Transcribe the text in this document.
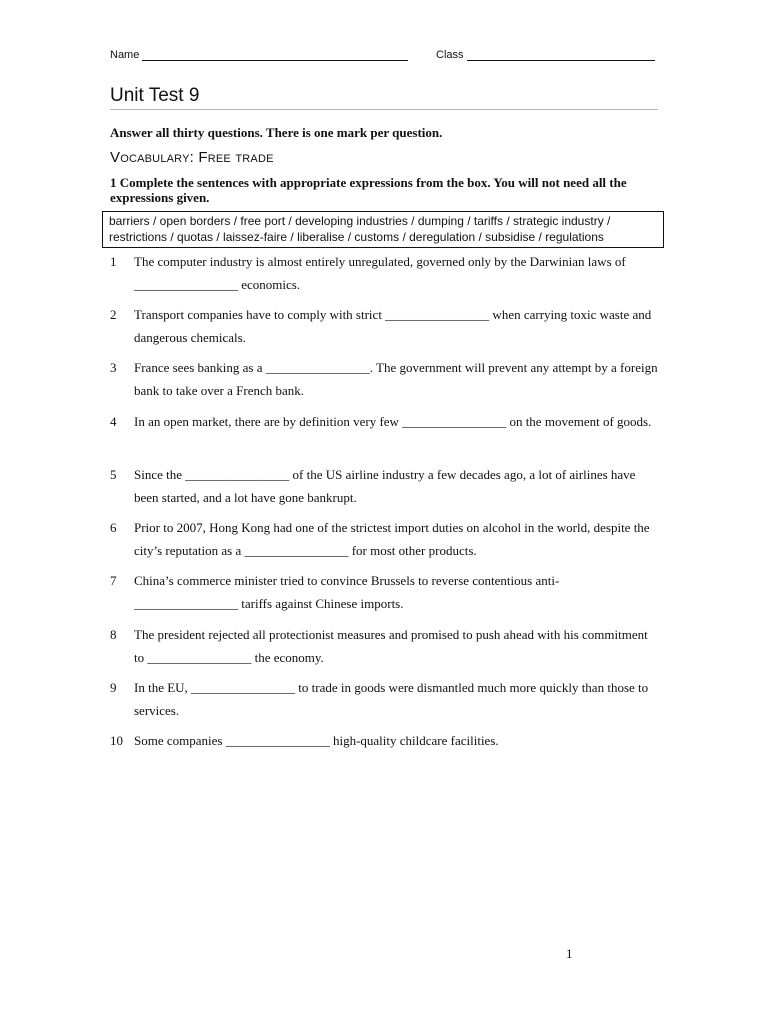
Name	Class
Unit Test 9
Answer all thirty questions. There is one mark per question.
Vocabulary: Free trade
1 Complete the sentences with appropriate expressions from the box. You will not need all the expressions given.
barriers / open borders / free port / developing industries / dumping / tariffs / strategic industry /
restrictions / quotas / laissez-faire / liberalise / customs / deregulation / subsidise / regulations
1 The computer industry is almost entirely unregulated, governed only by the Darwinian laws of ________________ economics.
2 Transport companies have to comply with strict ________________ when carrying toxic waste and dangerous chemicals.
3 France sees banking as a ________________. The government will prevent any attempt by a foreign bank to take over a French bank.
4 In an open market, there are by definition very few ________________ on the movement of goods.
5 Since the ________________ of the US airline industry a few decades ago, a lot of airlines have been started, and a lot have gone bankrupt.
6 Prior to 2007, Hong Kong had one of the strictest import duties on alcohol in the world, despite the city’s reputation as a ________________ for most other products.
7 China’s commerce minister tried to convince Brussels to reverse contentious anti-________________ tariffs against Chinese imports.
8 The president rejected all protectionist measures and promised to push ahead with his commitment to ________________ the economy.
9 In the EU, ________________ to trade in goods were dismantled much more quickly than those to services.
10 Some companies ________________ high-quality childcare facilities.
1
